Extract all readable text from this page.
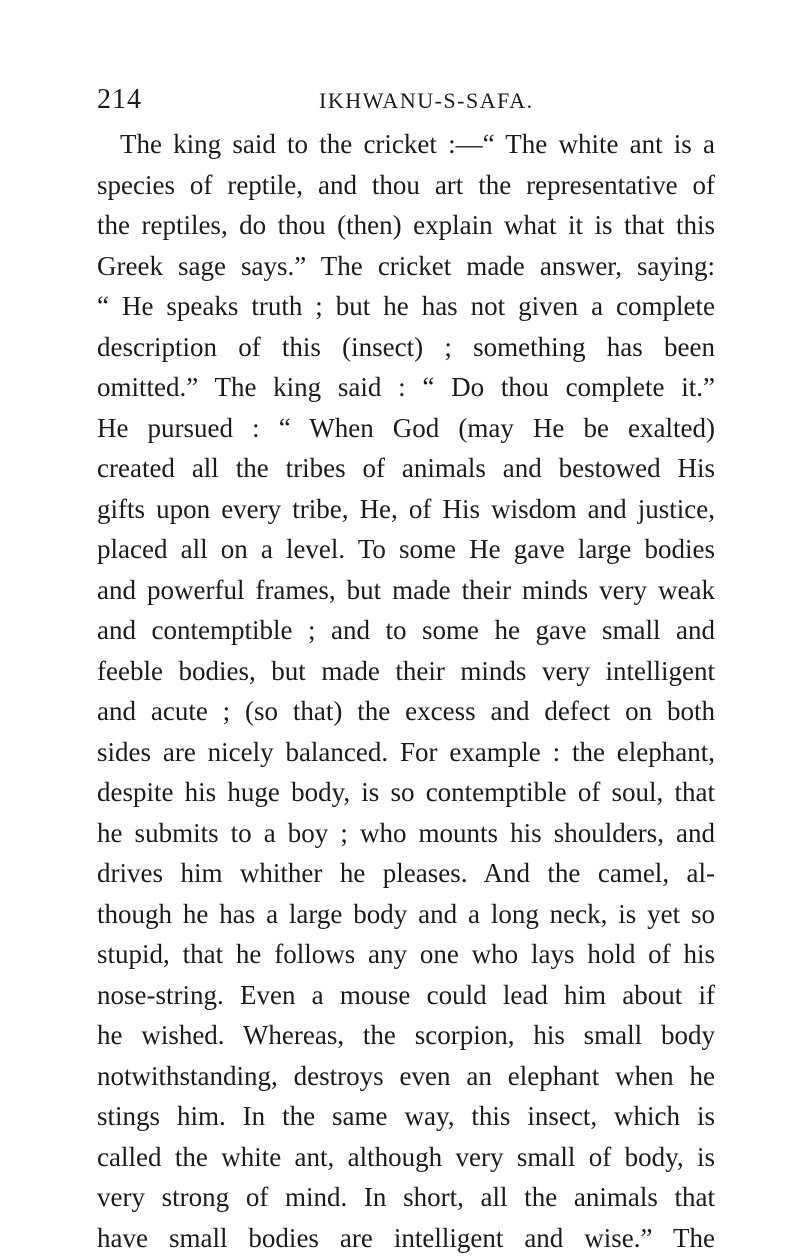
214	IKHWANU-S-SAFA.
The king said to the cricket :—“ The white ant is a
species of reptile, and thou art the representative of
the reptiles, do thou (then) explain what it is that this
Greek sage says.” The cricket made answer, saying:
“ He speaks truth ; but he has not given a complete
description of this (insect) ; something has been
omitted.” The king said : “ Do thou complete it.”
He pursued : “ When God (may He be exalted)
created all the tribes of animals and bestowed His
gifts upon every tribe, He, of His wisdom and justice,
placed all on a level. To some He gave large bodies
and powerful frames, but made their minds very weak
and contemptible ; and to some he gave small and
feeble bodies, but made their minds very intelligent
and acute ; (so that) the excess and defect on both
sides are nicely balanced. For example : the elephant,
despite his huge body, is so contemptible of soul, that
he submits to a boy ; who mounts his shoulders, and
drives him whither he pleases. And the camel, al-
though he has a large body and a long neck, is yet so
stupid, that he follows any one who lays hold of his
nose-string. Even a mouse could lead him about if
he wished. Whereas, the scorpion, his small body
notwithstanding, destroys even an elephant when he
stings him. In the same way, this insect, which is
called the white ant, although very small of body, is
very strong of mind. In short, all the animals that
have small bodies are intelligent and wise.” The
